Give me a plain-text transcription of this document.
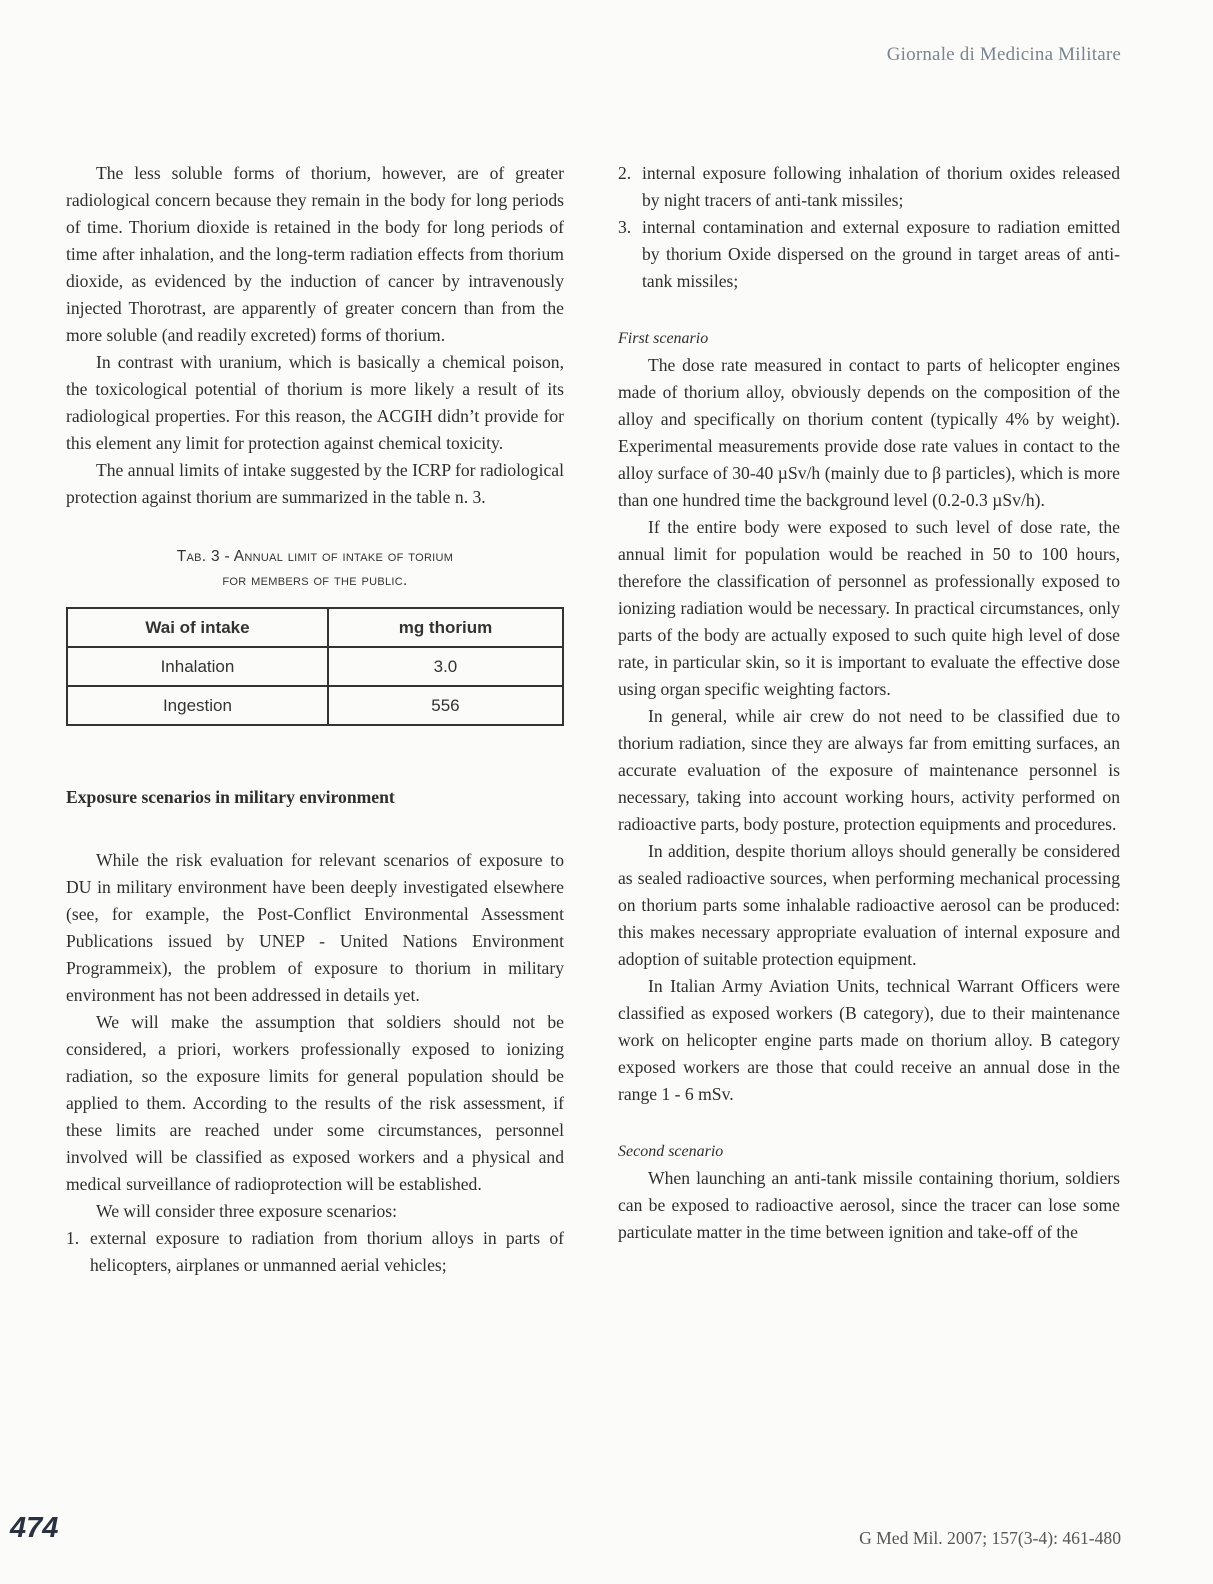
Giornale di Medicina Militare

The less soluble forms of thorium, however, are of greater radiological concern because they remain in the body for long periods of time. Thorium dioxide is retained in the body for long periods of time after inhalation, and the long-term radiation effects from thorium dioxide, as evidenced by the induction of cancer by intravenously injected Thorotrast, are apparently of greater concern than from the more soluble (and readily excreted) forms of thorium.

In contrast with uranium, which is basically a chemical poison, the toxicological potential of thorium is more likely a result of its radiological properties. For this reason, the ACGIH didn’t provide for this element any limit for protection against chemical toxicity.

The annual limits of intake suggested by the ICRP for radiological protection against thorium are summarized in the table n. 3.

Tab. 3 - Annual limit of intake of torium
for members of the public.
Wai of intake	mg thorium
Inhalation	3.0
Ingestion	556
Exposure scenarios in military environment

While the risk evaluation for relevant scenarios of exposure to DU in military environment have been deeply investigated elsewhere (see, for example, the Post-Conflict Environmental Assessment Publications issued by UNEP - United Nations Environment Programmeix), the problem of exposure to thorium in military environment has not been addressed in details yet.

We will make the assumption that soldiers should not be considered, a priori, workers professionally exposed to ionizing radiation, so the exposure limits for general population should be applied to them. According to the results of the risk assessment, if these limits are reached under some circumstances, personnel involved will be classified as exposed workers and a physical and medical surveillance of radioprotection will be established.

We will consider three exposure scenarios:

1. external exposure to radiation from thorium alloys in parts of helicopters, airplanes or unmanned aerial vehicles;
2. internal exposure following inhalation of thorium oxides released by night tracers of anti-tank missiles;
3. internal contamination and external exposure to radiation emitted by thorium Oxide dispersed on the ground in target areas of anti-tank missiles;
First scenario

The dose rate measured in contact to parts of helicopter engines made of thorium alloy, obviously depends on the composition of the alloy and specifically on thorium content (typically 4% by weight). Experimental measurements provide dose rate values in contact to the alloy surface of 30-40 µSv/h (mainly due to β particles), which is more than one hundred time the background level (0.2-0.3 µSv/h).

If the entire body were exposed to such level of dose rate, the annual limit for population would be reached in 50 to 100 hours, therefore the classification of personnel as professionally exposed to ionizing radiation would be necessary. In practical circumstances, only parts of the body are actually exposed to such quite high level of dose rate, in particular skin, so it is important to evaluate the effective dose using organ specific weighting factors.

In general, while air crew do not need to be classified due to thorium radiation, since they are always far from emitting surfaces, an accurate evaluation of the exposure of maintenance personnel is necessary, taking into account working hours, activity performed on radioactive parts, body posture, protection equipments and procedures.

In addition, despite thorium alloys should generally be considered as sealed radioactive sources, when performing mechanical processing on thorium parts some inhalable radioactive aerosol can be produced: this makes necessary appropriate evaluation of internal exposure and adoption of suitable protection equipment.

In Italian Army Aviation Units, technical Warrant Officers were classified as exposed workers (B category), due to their maintenance work on helicopter engine parts made on thorium alloy. B category exposed workers are those that could receive an annual dose in the range 1 - 6 mSv.

Second scenario

When launching an anti-tank missile containing thorium, soldiers can be exposed to radioactive aerosol, since the tracer can lose some particulate matter in the time between ignition and take-off of the

474	G Med Mil. 2007; 157(3-4): 461-480
